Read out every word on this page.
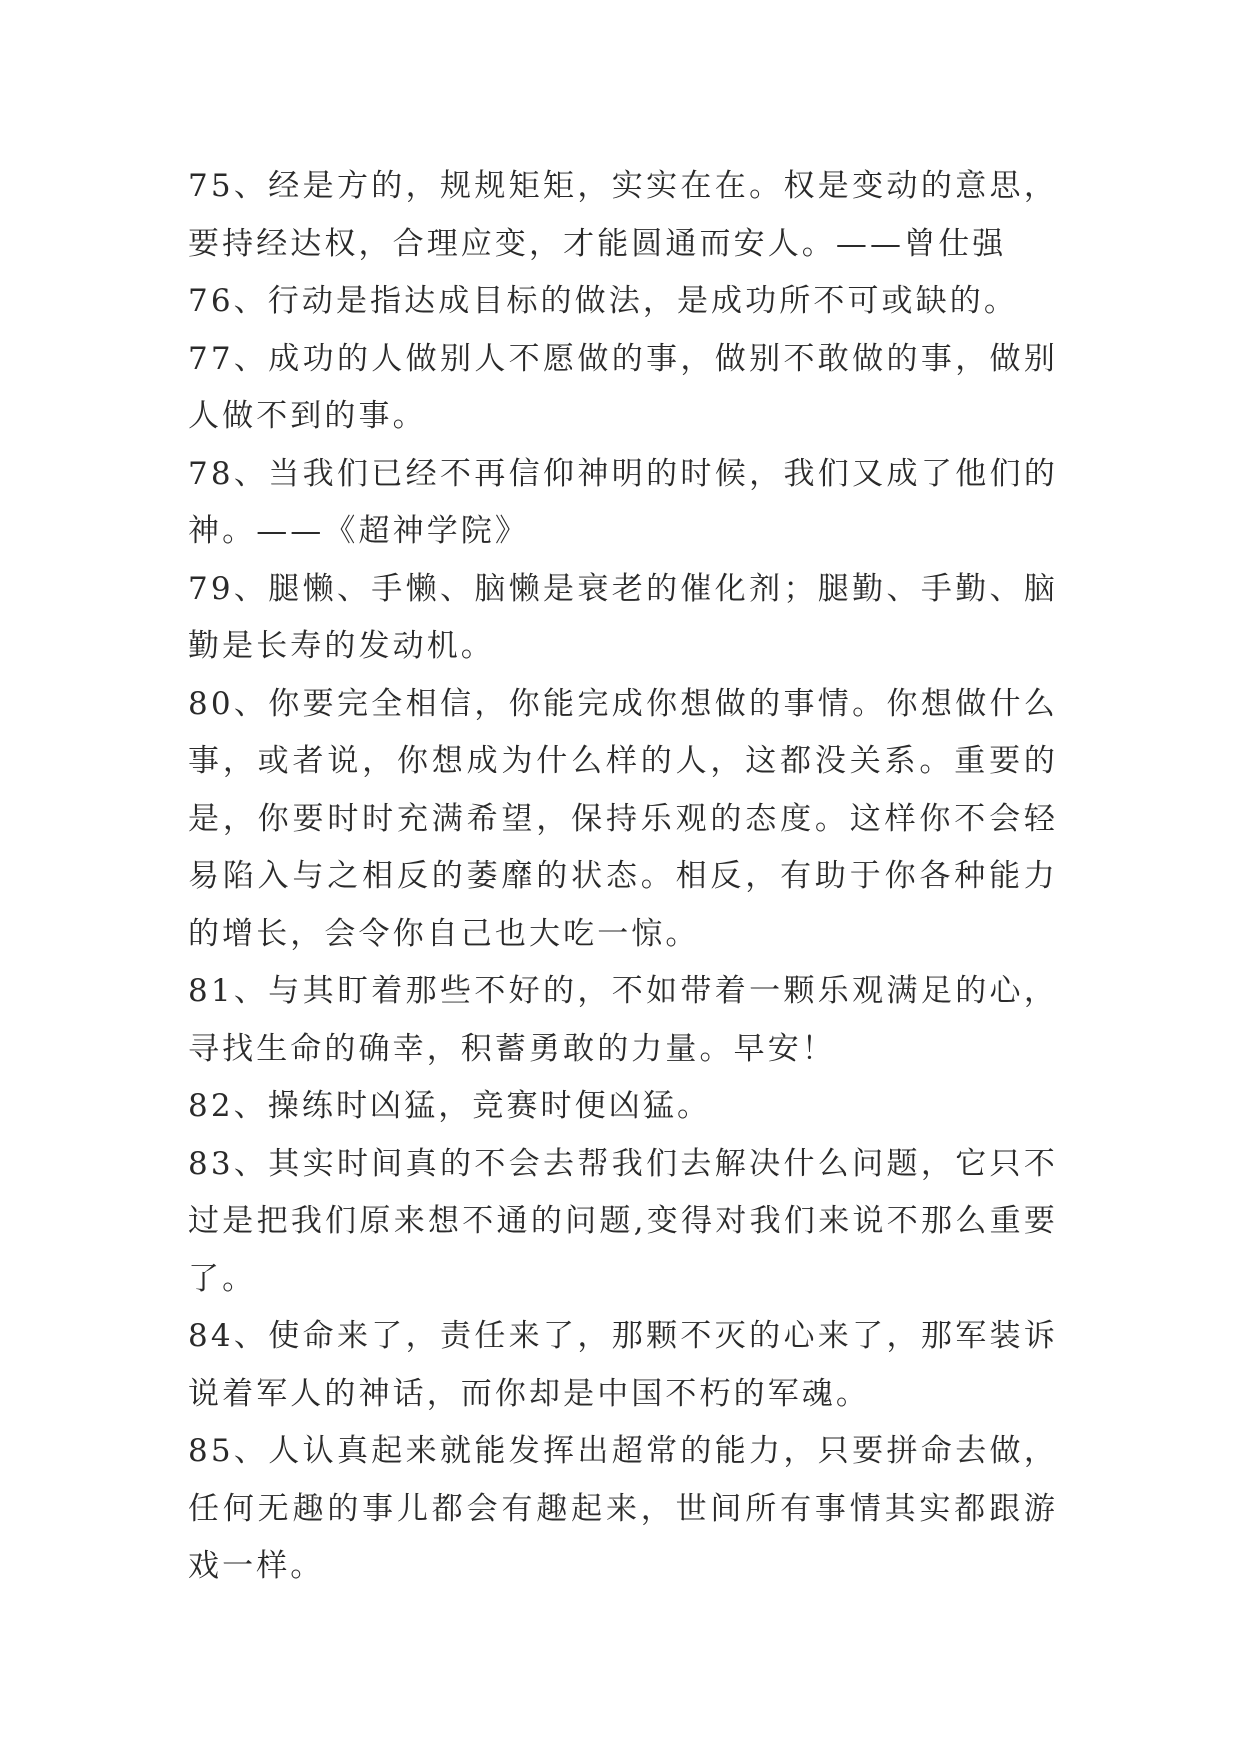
75、经是方的，规规矩矩，实实在在。权是变动的意思，要持经达权，合理应变，才能圆通而安人。——曾仕强

76、行动是指达成目标的做法，是成功所不可或缺的。

77、成功的人做别人不愿做的事，做别不敢做的事，做别人做不到的事。

78、当我们已经不再信仰神明的时候，我们又成了他们的神。——《超神学院》

79、腿懒、手懒、脑懒是衰老的催化剂；腿勤、手勤、脑勤是长寿的发动机。

80、你要完全相信，你能完成你想做的事情。你想做什么事，或者说，你想成为什么样的人，这都没关系。重要的是，你要时时充满希望，保持乐观的态度。这样你不会轻易陷入与之相反的萎靡的状态。相反，有助于你各种能力的增长，会令你自己也大吃一惊。

81、与其盯着那些不好的，不如带着一颗乐观满足的心，寻找生命的确幸，积蓄勇敢的力量。早安！

82、操练时凶猛，竞赛时便凶猛。

83、其实时间真的不会去帮我们去解决什么问题，它只不过是把我们原来想不通的问题,变得对我们来说不那么重要了。

84、使命来了，责任来了，那颗不灭的心来了，那军装诉说着军人的神话，而你却是中国不朽的军魂。

85、人认真起来就能发挥出超常的能力，只要拼命去做，任何无趣的事儿都会有趣起来，世间所有事情其实都跟游戏一样。
